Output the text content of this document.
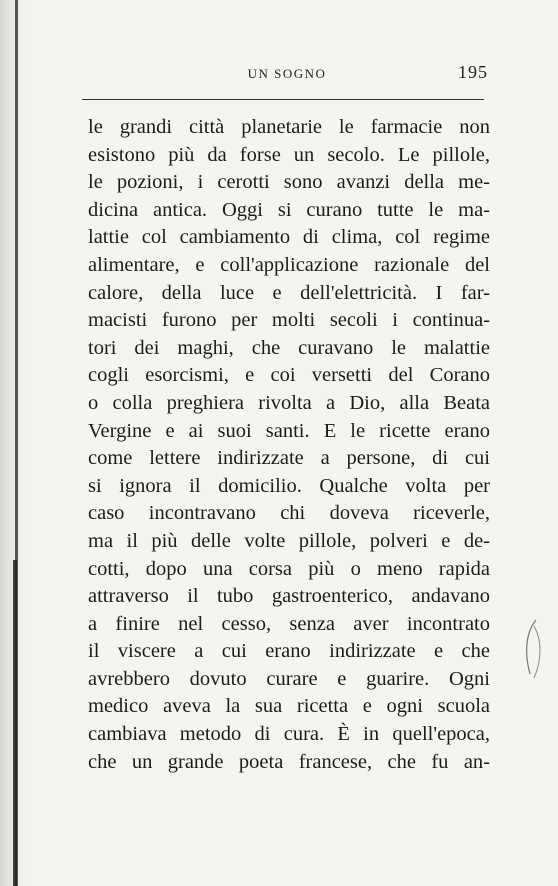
UN SOGNO	195
le grandi città planetarie le farmacie non
esistono più da forse un secolo. Le pillole,
le pozioni, i cerotti sono avanzi della me-
dicina antica. Oggi si curano tutte le ma-
lattie col cambiamento di clima, col regime
alimentare, e coll'applicazione razionale del
calore, della luce e dell'elettricità. I far-
macisti furono per molti secoli i continua-
tori dei maghi, che curavano le malattie
cogli esorcismi, e coi versetti del Corano
o colla preghiera rivolta a Dio, alla Beata
Vergine e ai suoi santi. E le ricette erano
come lettere indirizzate a persone, di cui
si ignora il domicilio. Qualche volta per
caso incontravano chi doveva riceverle,
ma il più delle volte pillole, polveri e de-
cotti, dopo una corsa più o meno rapida
attraverso il tubo gastroenterico, andavano
a finire nel cesso, senza aver incontrato
il viscere a cui erano indirizzate e che
avrebbero dovuto curare e guarire. Ogni
medico aveva la sua ricetta e ogni scuola
cambiava metodo di cura. È in quell'epoca,
che un grande poeta francese, che fu an-
